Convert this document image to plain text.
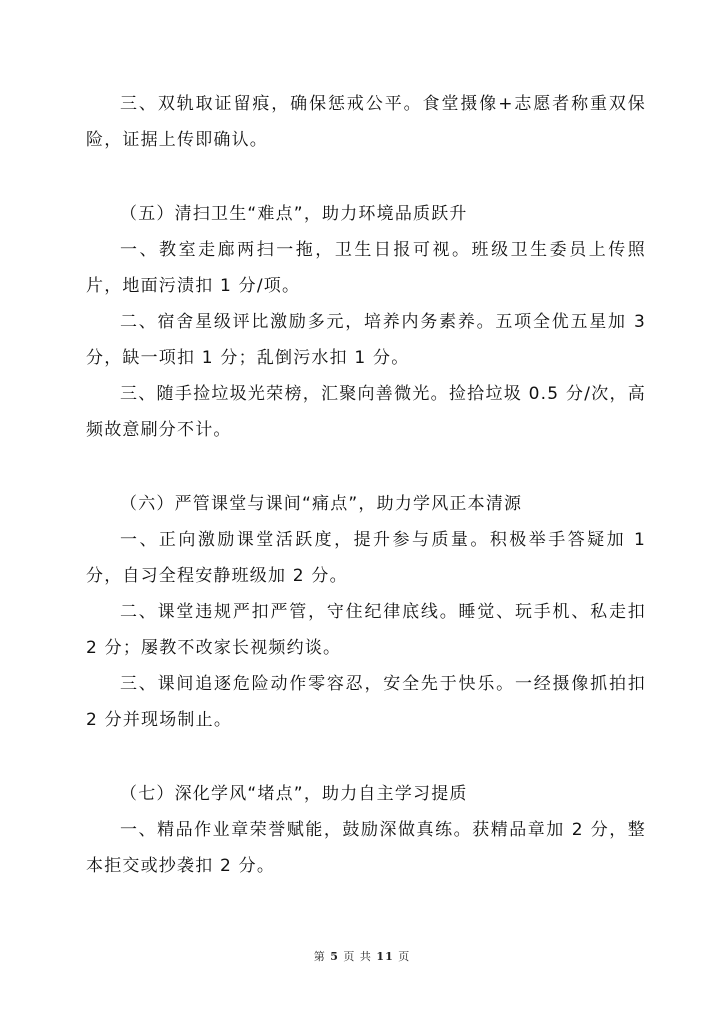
三、双轨取证留痕，确保惩戒公平。食堂摄像+志愿者称重双保险，证据上传即确认。

（五）清扫卫生“难点”，助力环境品质跃升

一、教室走廊两扫一拖，卫生日报可视。班级卫生委员上传照片，地面污渍扣 1 分/项。

二、宿舍星级评比激励多元，培养内务素养。五项全优五星加 3 分，缺一项扣 1 分；乱倒污水扣 1 分。

三、随手捡垃圾光荣榜，汇聚向善微光。捡拾垃圾 0.5 分/次，高频故意刷分不计。

（六）严管课堂与课间“痛点”，助力学风正本清源

一、正向激励课堂活跃度，提升参与质量。积极举手答疑加 1 分，自习全程安静班级加 2 分。

二、课堂违规严扣严管，守住纪律底线。睡觉、玩手机、私走扣 2 分；屡教不改家长视频约谈。

三、课间追逐危险动作零容忍，安全先于快乐。一经摄像抓拍扣 2 分并现场制止。

（七）深化学风“堵点”，助力自主学习提质

一、精品作业章荣誉赋能，鼓励深做真练。获精品章加 2 分，整本拒交或抄袭扣 2 分。

第 5 页 共 11 页
